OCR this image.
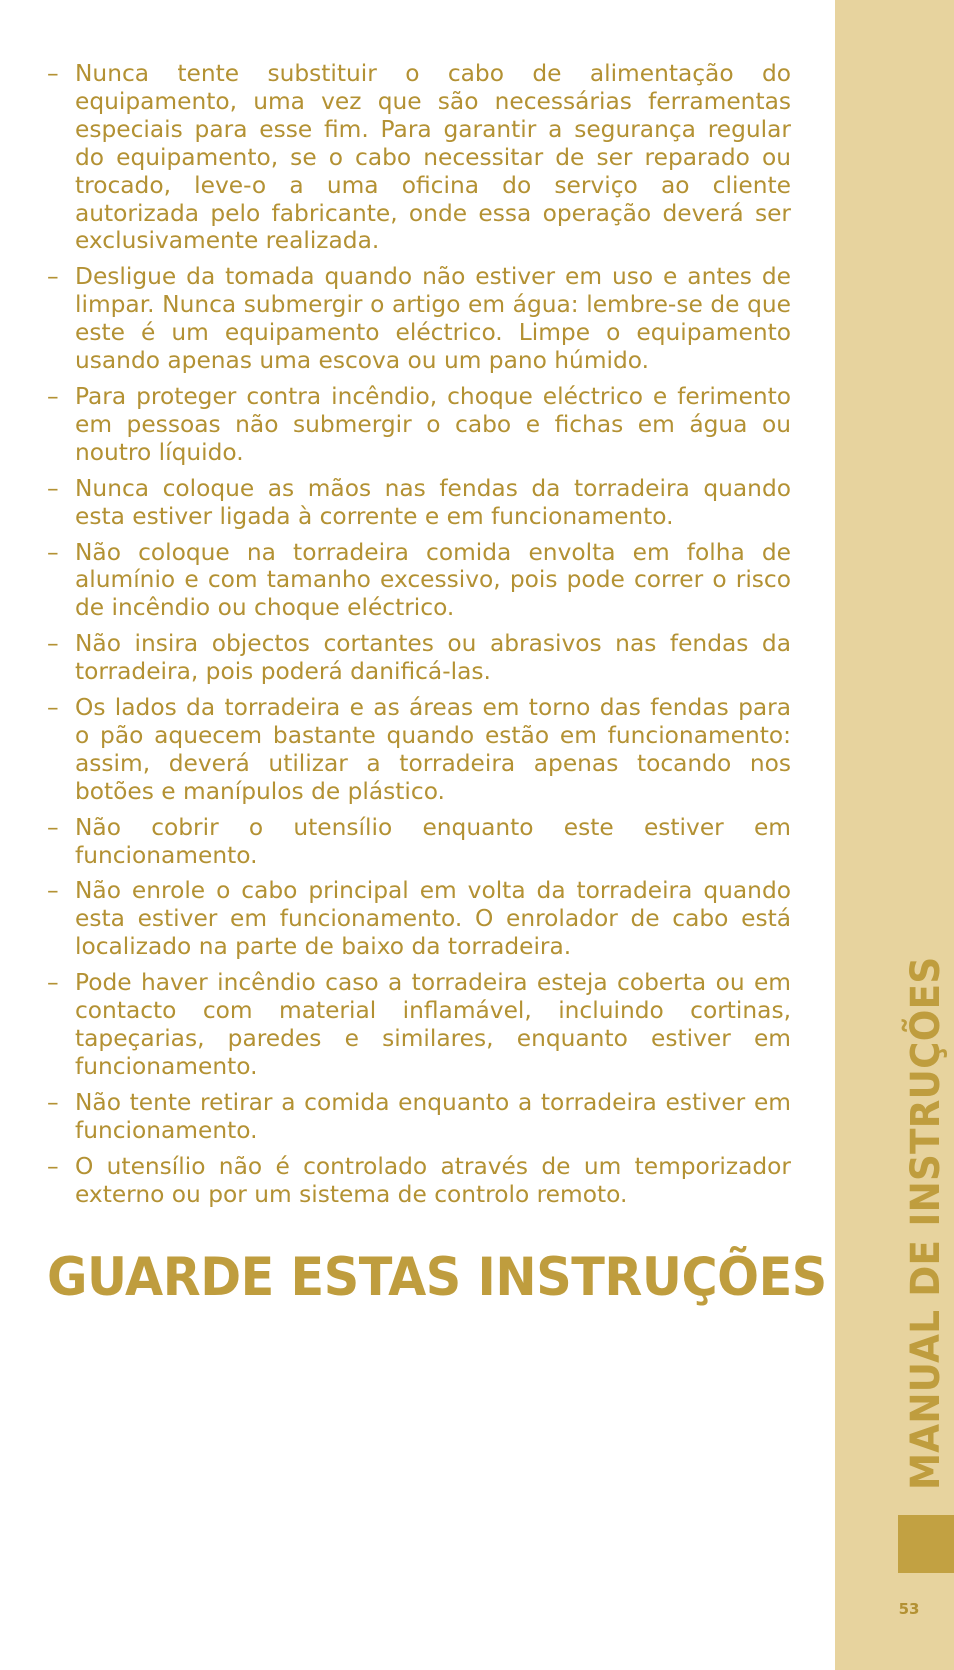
– Nunca tente substituir o cabo de alimentação do equipamento, uma vez que são necessárias ferramentas especiais para esse fim. Para garantir a segurança regular do equipamento, se o cabo necessitar de ser reparado ou trocado, leve-o a uma oficina do serviço ao cliente autorizada pelo fabricante, onde essa operação deverá ser exclusivamente realizada.
– Desligue da tomada quando não estiver em uso e antes de limpar. Nunca submergir o artigo em água: lembre-se de que este é um equipamento eléctrico. Limpe o equipamento usando apenas uma escova ou um pano húmido.
– Para proteger contra incêndio, choque eléctrico e ferimento em pessoas não submergir o cabo e fichas em água ou noutro líquido.
– Nunca coloque as mãos nas fendas da torradeira quando esta estiver ligada à corrente e em funcionamento.
– Não coloque na torradeira comida envolta em folha de alumínio e com tamanho excessivo, pois pode correr o risco de incêndio ou choque eléctrico.
– Não insira objectos cortantes ou abrasivos nas fendas da torradeira, pois poderá danificá-las.
– Os lados da torradeira e as áreas em torno das fendas para o pão aquecem bastante quando estão em funcionamento: assim, deverá utilizar a torradeira apenas tocando nos botões e manípulos de plástico.
– Não cobrir o utensílio enquanto este estiver em funcionamento.
– Não enrole o cabo principal em volta da torradeira quando esta estiver em funcionamento. O enrolador de cabo está localizado na parte de baixo da torradeira.
– Pode haver incêndio caso a torradeira esteja coberta ou em contacto com material inflamável, incluindo cortinas, tapeçarias, paredes e similares, enquanto estiver em funcionamento.
– Não tente retirar a comida enquanto a torradeira estiver em funcionamento.
– O utensílio não é controlado através de um temporizador externo ou por um sistema de controlo remoto.
GUARDE ESTAS INSTRUÇÕES MANUAL DE INSTRUÇÕES
53
